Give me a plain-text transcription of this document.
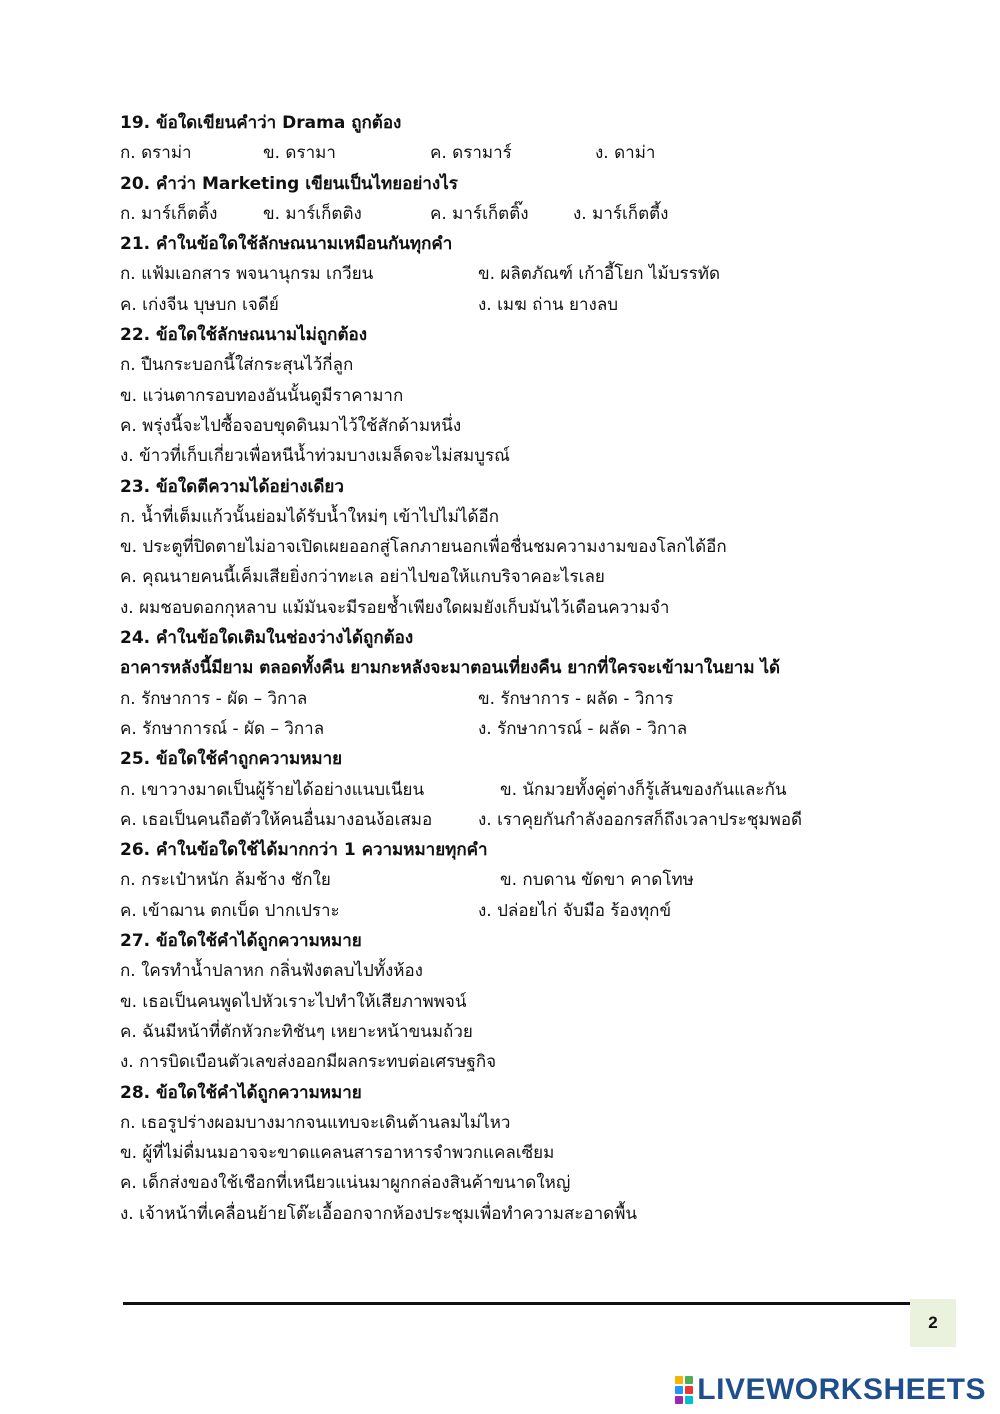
19. ข้อใดเขียนคำว่า Drama ถูกต้อง
ก. ดราม่า	ข. ดรามา	ค. ดรามาร์	ง. ดาม่า
20. คำว่า Marketing เขียนเป็นไทยอย่างไร
ก. มาร์เก็ตติ้ง	ข. มาร์เก็ตติง	ค. มาร์เก็ตติ๊ง	ง. มาร์เก็ตตี้ง
21. คำในข้อใดใช้ลักษณนามเหมือนกันทุกคำ
ก. แฟ้มเอกสาร พจนานุกรม เกวียน	ข. ผลิตภัณฑ์ เก้าอี้โยก ไม้บรรทัด
ค. เก่งจีน บุษบก เจดีย์	ง. เมฆ ถ่าน ยางลบ
22. ข้อใดใช้ลักษณนามไม่ถูกต้อง
ก. ปืนกระบอกนี้ใส่กระสุนไว้กี่ลูก
ข. แว่นตากรอบทองอันนั้นดูมีราคามาก
ค. พรุ่งนี้จะไปซื้อจอบขุดดินมาไว้ใช้สักด้ามหนึ่ง
ง. ข้าวที่เก็บเกี่ยวเพื่อหนีน้ำท่วมบางเมล็ดจะไม่สมบูรณ์
23. ข้อใดตีความได้อย่างเดียว
ก. น้ำที่เต็มแก้วนั้นย่อมได้รับน้ำใหม่ๆ เข้าไปไม่ได้อีก
ข. ประตูที่ปิดตายไม่อาจเปิดเผยออกสู่โลกภายนอกเพื่อชื่นชมความงามของโลกได้อีก
ค. คุณนายคนนี้เค็มเสียยิ่งกว่าทะเล อย่าไปขอให้แกบริจาคอะไรเลย
ง. ผมชอบดอกกุหลาบ แม้มันจะมีรอยช้ำเพียงใดผมยังเก็บมันไว้เดือนความจำ
24. คำในข้อใดเติมในช่องว่างได้ถูกต้อง
อาคารหลังนี้มียาม ตลอดทั้งคืน ยามกะหลังจะมาตอนเที่ยงคืน ยากที่ใครจะเข้ามาในยาม ได้
ก. รักษาการ - ผัด – วิกาล	ข. รักษาการ - ผลัด - วิการ
ค. รักษาการณ์ - ผัด – วิกาล	ง. รักษาการณ์ - ผลัด - วิกาล
25. ข้อใดใช้คำถูกความหมาย
ก. เขาวางมาดเป็นผู้ร้ายได้อย่างแนบเนียน	ข. นักมวยทั้งคู่ต่างก็รู้เส้นของกันและกัน
ค. เธอเป็นคนถือตัวให้คนอื่นมางอนง้อเสมอ	ง. เราคุยกันกำลังออกรสก็ถึงเวลาประชุมพอดี
26. คำในข้อใดใช้ได้มากกว่า 1 ความหมายทุกคำ
ก. กระเป๋าหนัก ล้มช้าง ชักใย	ข. กบดาน ขัดขา คาดโทษ
ค. เข้าฌาน ตกเบ็ด ปากเปราะ	ง. ปล่อยไก่ จับมือ ร้องทุกข์
27. ข้อใดใช้คำได้ถูกความหมาย
ก. ใครทำน้ำปลาหก กลิ่นฟังตลบไปทั้งห้อง
ข. เธอเป็นคนพูดไปหัวเราะไปทำให้เสียภาพพจน์
ค. ฉันมีหน้าที่ตักหัวกะทิชันๆ เหยาะหน้าขนมถ้วย
ง. การบิดเบือนตัวเลขส่งออกมีผลกระทบต่อเศรษฐกิจ
28. ข้อใดใช้คำได้ถูกความหมาย
ก. เธอรูปร่างผอมบางมากจนแทบจะเดินต้านลมไม่ไหว
ข. ผู้ที่ไม่ดื่มนมอาจจะขาดแคลนสารอาหารจำพวกแคลเซียม
ค. เด็กส่งของใช้เชือกที่เหนียวแน่นมาผูกกล่องสินค้าขนาดใหญ่
ง. เจ้าหน้าที่เคลื่อนย้ายโต๊ะเอื้ออกจากห้องประชุมเพื่อทำความสะอาดพื้น
2
LIVEWORKSHEETS
